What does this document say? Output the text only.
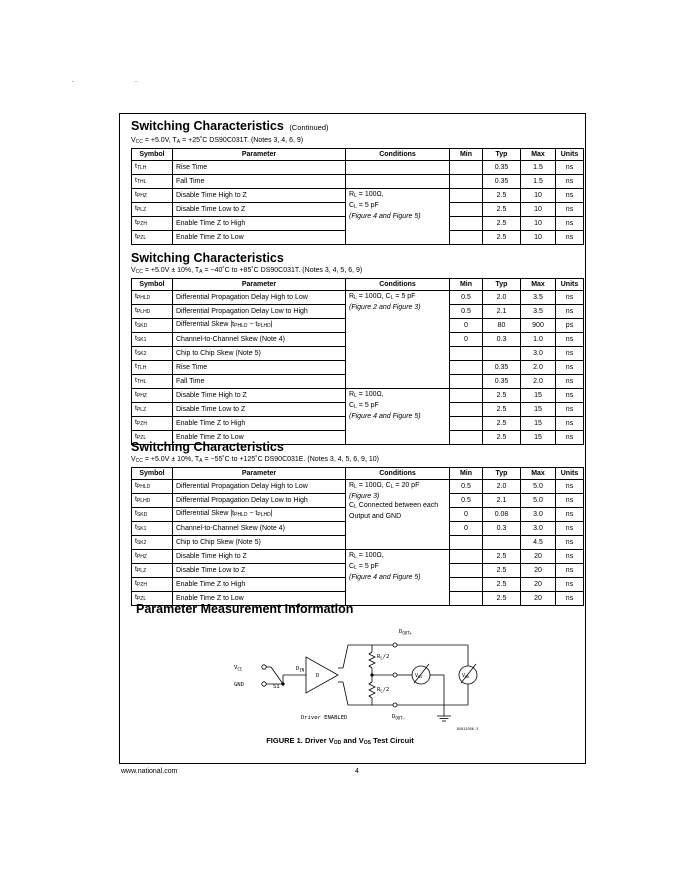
.	.
Switching Characteristics (Continued)
$V_{CC} = +5.0V$, $T_A$ = +25˚C DS90C031T. (Notes 3, 4, 6, 9)
Symbol	Parameter	Conditions	Min	Typ	Max	Units
$t_{TLH}$	Rise Time			0.35	1.5	ns
$t_{THL}$	Fall Time			0.35	1.5	ns
$t_{PHZ}$	Disable Time High to Z	$R_L = 100\Omega$,
$C_L = 5$ pF
(Figure 4 and Figure 5)		2.5	10	ns
$t_{PLZ}$	Disable Time Low to Z			2.5	10	ns
$t_{PZH}$	Enable Time Z to High			2.5	10	ns
$t_{PZL}$	Enable Time Z to Low			2.5	10	ns
Switching Characteristics
$V_{CC} = +5.0V \pm 10\%$, $T_A$ = −40˚C to +85˚C DS90C031T. (Notes 3, 4, 5, 6, 9)
Symbol	Parameter	Conditions	Min	Typ	Max	Units
$t_{PHLD}$	Differential Propagation Delay High to Low	$R_L = 100\Omega$, $C_L = 5$ pF
(Figure 2 and Figure 3)	0.5	2.0	3.5	ns
$t_{PLHD}$	Differential Propagation Delay Low to High		0.5	2.1	3.5	ns
$t_{SKD}$	Differential Skew $|t_{PHLD} - t_{PLHD}|$		0	80	900	ps
$t_{SK1}$	Channel-to-Channel Skew (Note 4)		0	0.3	1.0	ns
$t_{SK2}$	Chip to Chip Skew (Note 5)				3.0	ns
$t_{TLH}$	Rise Time			0.35	2.0	ns
$t_{THL}$	Fall Time			0.35	2.0	ns
$t_{PHZ}$	Disable Time High to Z	$R_L = 100\Omega$,
$C_L = 5$ pF
(Figure 4 and Figure 5)		2.5	15	ns
$t_{PLZ}$	Disable Time Low to Z			2.5	15	ns
$t_{PZH}$	Enable Time Z to High			2.5	15	ns
$t_{PZL}$	Enable Time Z to Low			2.5	15	ns
Switching Characteristics
$V_{CC} = +5.0V \pm 10\%$, $T_A$ = −55˚C to +125˚C DS90C031E. (Notes 3, 4, 5, 6, 9, 10)
Symbol	Parameter	Conditions	Min	Typ	Max	Units
$t_{PHLD}$	Differential Propagation Delay High to Low	$R_L = 100\Omega$, $C_L = 20$ pF
(Figure 3)
$C_L$ Connected between each Output and GND	0.5	2.0	5.0	ns
$t_{PLHD}$	Differential Propagation Delay Low to High		0.5	2.1	5.0	ns
$t_{SKD}$	Differential Skew $|t_{PHLD} - t_{PLHD}|$		0	0.08	3.0	ns
$t_{SK1}$	Channel-to-Channel Skew (Note 4)		0	0.3	3.0	ns
$t_{SK2}$	Chip to Chip Skew (Note 5)				4.5	ns
$t_{PHZ}$	Disable Time High to Z	$R_L = 100\Omega$,
$C_L = 5$ pF
(Figure 4 and Figure 5)		2.5	20	ns
$t_{PLZ}$	Disable Time Low to Z			2.5	20	ns
$t_{PZH}$	Enable Time Z to High			2.5	20	ns
$t_{PZL}$	Enable Time Z to Low			2.5	20	ns
Parameter Measurement Information
$V_{CC}$
GND	S1
$D_{IN}$
D
$D_{OUT+}$
$D_{OUT-}$
$R_L/2$
$R_L/2$
$V_{OS}$	$V_{OD}$
Driver ENABLED
DS011956-3
FIGURE 1. Driver $V_{OD}$ and $V_{OS}$ Test Circuit
www.national.com	4
